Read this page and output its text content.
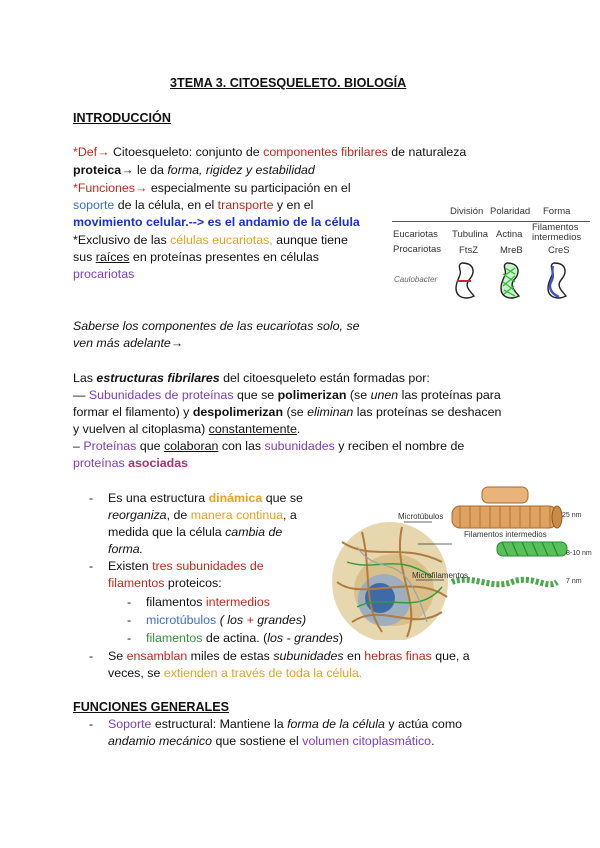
3TEMA 3. CITOESQUELETO. BIOLOGÍA
INTRODUCCIÓN
*Def→ Citoesqueleto: conjunto de componentes fibrilares de naturaleza
proteica→ le da forma, rigidez y estabilidad
*Funciones→ especialmente su participación en el
soporte de la célula, en el transporte y en el
movimiento celular.--> es el andamio de la célula
*Exclusivo de las células eucariotas, aunque tiene
sus raíces en proteínas presentes en células
procariotas
Saberse los componentes de las eucariotas solo, se
ven más adelante→
División Polaridad Forma
Eucariotas Tubulina Actina
Filamentos
intermedios
Procariotas FtsZ MreB	CreS
Caulobacter
Las estructuras fibrilares del citoesqueleto están formadas por:
— Subunidades de proteínas que se polimerizan (se unen las proteínas para
formar el filamento) y despolimerizan (se eliminan las proteínas se deshacen
y vuelven al citoplasma) constantemente.
– Proteínas que colaboran con las subunidades y reciben el nombre de
proteínas asociadas
- Es una estructura dinámica que se
reorganiza, de manera continua, a
medida que la célula cambia de
forma.
- Existen tres subunidades de
filamentos proteicos:
- filamentos intermedios
- microtúbulos ( los + grandes)
- filamentos de actina. (los - grandes)
- Se ensamblan miles de estas subunidades en hebras finas que, a
veces, se extienden a través de toda la célula.
Microtúbulos
Filamentos intermedios
Microfilamentos
25 nm
8-10 nm
7 nm
FUNCIONES GENERALES
- Soporte estructural: Mantiene la forma de la célula y actúa como
andamio mecánico que sostiene el volumen citoplasmático.
